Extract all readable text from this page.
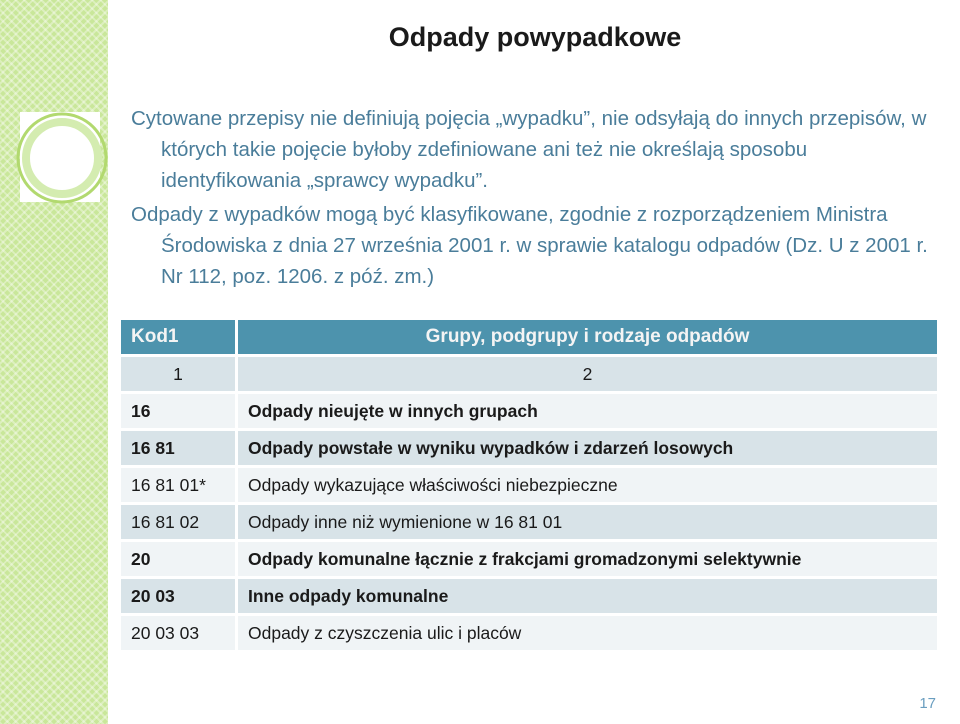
Odpady powypadkowe

Cytowane przepisy nie definiują pojęcia „wypadku”, nie odsyłają do innych przepisów, w których takie pojęcie byłoby zdefiniowane ani też nie określają sposobu identyfikowania „sprawcy wypadku”.

Odpady z wypadków mogą być klasyfikowane, zgodnie z rozporządzeniem Ministra Środowiska z dnia 27 września 2001 r. w sprawie katalogu odpadów (Dz. U z 2001 r. Nr 112, poz. 1206. z póź. zm.)

Kod1	Grupy, podgrupy i rodzaje odpadów
1	2
16	Odpady nieujęte w innych grupach
16 81	Odpady powstałe w wyniku wypadków i zdarzeń losowych
16 81 01*	Odpady wykazujące właściwości niebezpieczne
16 81 02	Odpady inne niż wymienione w 16 81 01
20	Odpady komunalne łącznie z frakcjami gromadzonymi selektywnie
20 03	Inne odpady komunalne
20 03 03	Odpady z czyszczenia ulic i placów
17
